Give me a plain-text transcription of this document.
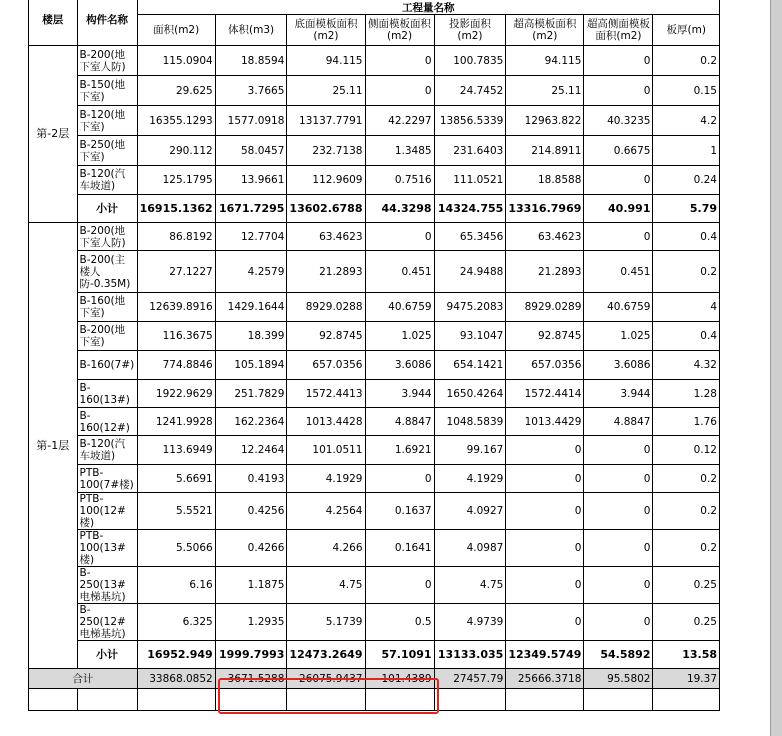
楼层	构件名称	工程量名称							
		面积(m2)	体积(m3)	底面模板面积(m2)	侧面模板面积(m2)	投影面积(m2)	超高模板面积(m2)	超高侧面模板面积(m2)	板厚(m)
第-2层	B-200(地下室人防)	115.0904	18.8594	94.115	0	100.7835	94.115	0	0.2
	B-150(地下室)	29.625	3.7665	25.11	0	24.7452	25.11	0	0.15
	B-120(地下室)	16355.1293	1577.0918	13137.7791	42.2297	13856.5339	12963.822	40.3235	4.2
	B-250(地下室)	290.112	58.0457	232.7138	1.3485	231.6403	214.8911	0.6675	1
	B-120(汽车坡道)	125.1795	13.9661	112.9609	0.7516	111.0521	18.8588	0	0.24
	小计	16915.1362	1671.7295	13602.6788	44.3298	14324.755	13316.7969	40.991	5.79
第-1层	B-200(地下室人防)	86.8192	12.7704	63.4623	0	65.3456	63.4623	0	0.4
	B-200(主楼人防-0.35M)	27.1227	4.2579	21.2893	0.451	24.9488	21.2893	0.451	0.2
	B-160(地下室)	12639.8916	1429.1644	8929.0288	40.6759	9475.2083	8929.0289	40.6759	4
	B-200(地下室)	116.3675	18.399	92.8745	1.025	93.1047	92.8745	1.025	0.4
	B-160(7#)	774.8846	105.1894	657.0356	3.6086	654.1421	657.0356	3.6086	4.32
	B-160(13#)	1922.9629	251.7829	1572.4413	3.944	1650.4264	1572.4414	3.944	1.28
	B-160(12#)	1241.9928	162.2364	1013.4428	4.8847	1048.5839	1013.4429	4.8847	1.76
	B-120(汽车坡道)	113.6949	12.2464	101.0511	1.6921	99.167	0	0	0.12
	PTB-100(7#楼)	5.6691	0.4193	4.1929	0	4.1929	0	0	0.2
	PTB-100(12#楼)	5.5521	0.4256	4.2564	0.1637	4.0927	0	0	0.2
	PTB-100(13#楼)	5.5066	0.4266	4.266	0.1641	4.0987	0	0	0.2
	B-250(13#电梯基坑)	6.16	1.1875	4.75	0	4.75	0	0	0.25
	B-250(12#电梯基坑)	6.325	1.2935	5.1739	0.5	4.9739	0	0	0.25
	小计	16952.949	1999.7993	12473.2649	57.1091	13133.035	12349.5749	54.5892	13.58
合计		33868.0852	3671.5288	26075.9437	101.4389	27457.79	25666.3718	95.5802	19.37
